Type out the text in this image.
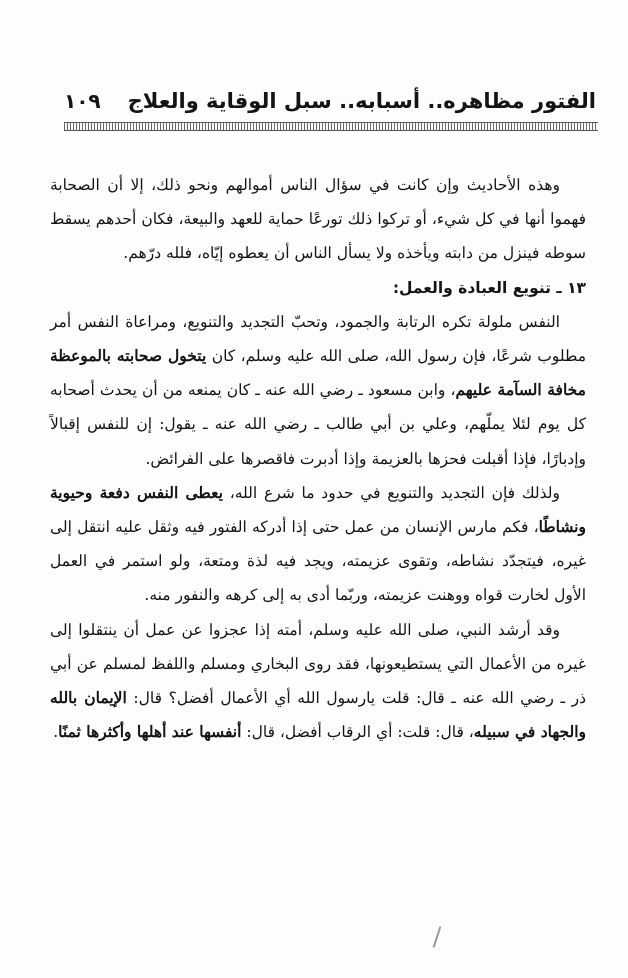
الفتور مظاهره.. أسبابه.. سبل الوقاية والعلاج
١٠٩

وهذه الأحاديث وإن كانت في سؤال الناس أموالهم ونحو ذلك، إلا أن الصحابة فهموا أنها في كل شيء، أو تركوا ذلك تورعًا حماية للعهد والبيعة، فكان أحدهم يسقط سوطه فينزل من دابته ويأخذه ولا يسأل الناس أن يعطوه إيّاه، فلله درّهم.

١٣ ـ تنويع العبادة والعمل:

النفس ملولة تكره الرتابة والجمود، وتحبّ التجديد والتنويع، ومراعاة النفس أمر مطلوب شرعًا، فإن رسول الله، صلى الله عليه وسلم، كان يتخول صحابته بالموعظة مخافة السآمة عليهم، وابن مسعود ـ رضي الله عنه ـ كان يمنعه من أن يحدث أصحابه كل يوم لئلا يملّهم، وعلي بن أبي طالب ـ رضي الله عنه ـ يقول: إن للنفس إقبالاً وإدبارًا، فإذا أقبلت فحزها بالعزيمة وإذا أدبرت فاقصرها على الفرائض.

ولذلك فإن التجديد والتنويع في حدود ما شرع الله، يعطى النفس دفعة وحيوية ونشاطًا، فكم مارس الإنسان من عمل حتى إذا أدركه الفتور فيه وثقل عليه انتقل إلى غيره، فيتجدّد نشاطه، وتقوى عزيمته، ويجد فيه لذة ومتعة، ولو استمر في العمل الأول لخارت قواه ووهنت عزيمته، وربّما أدى به إلى كرهه والنفور منه.

وقد أرشد النبي، صلى الله عليه وسلم، أمته إذا عجزوا عن عمل أن ينتقلوا إلى غيره من الأعمال التي يستطيعونها، فقد روى البخاري ومسلم واللفظ لمسلم عن أبي ذر ـ رضي الله عنه ـ قال: قلت يارسول الله أي الأعمال أفضل؟ قال: الإيمان بالله والجهاد في سبيله، قال: قلت: أي الرقاب أفضل، قال: أنفسها عند أهلها وأكثرها ثمنًا.
